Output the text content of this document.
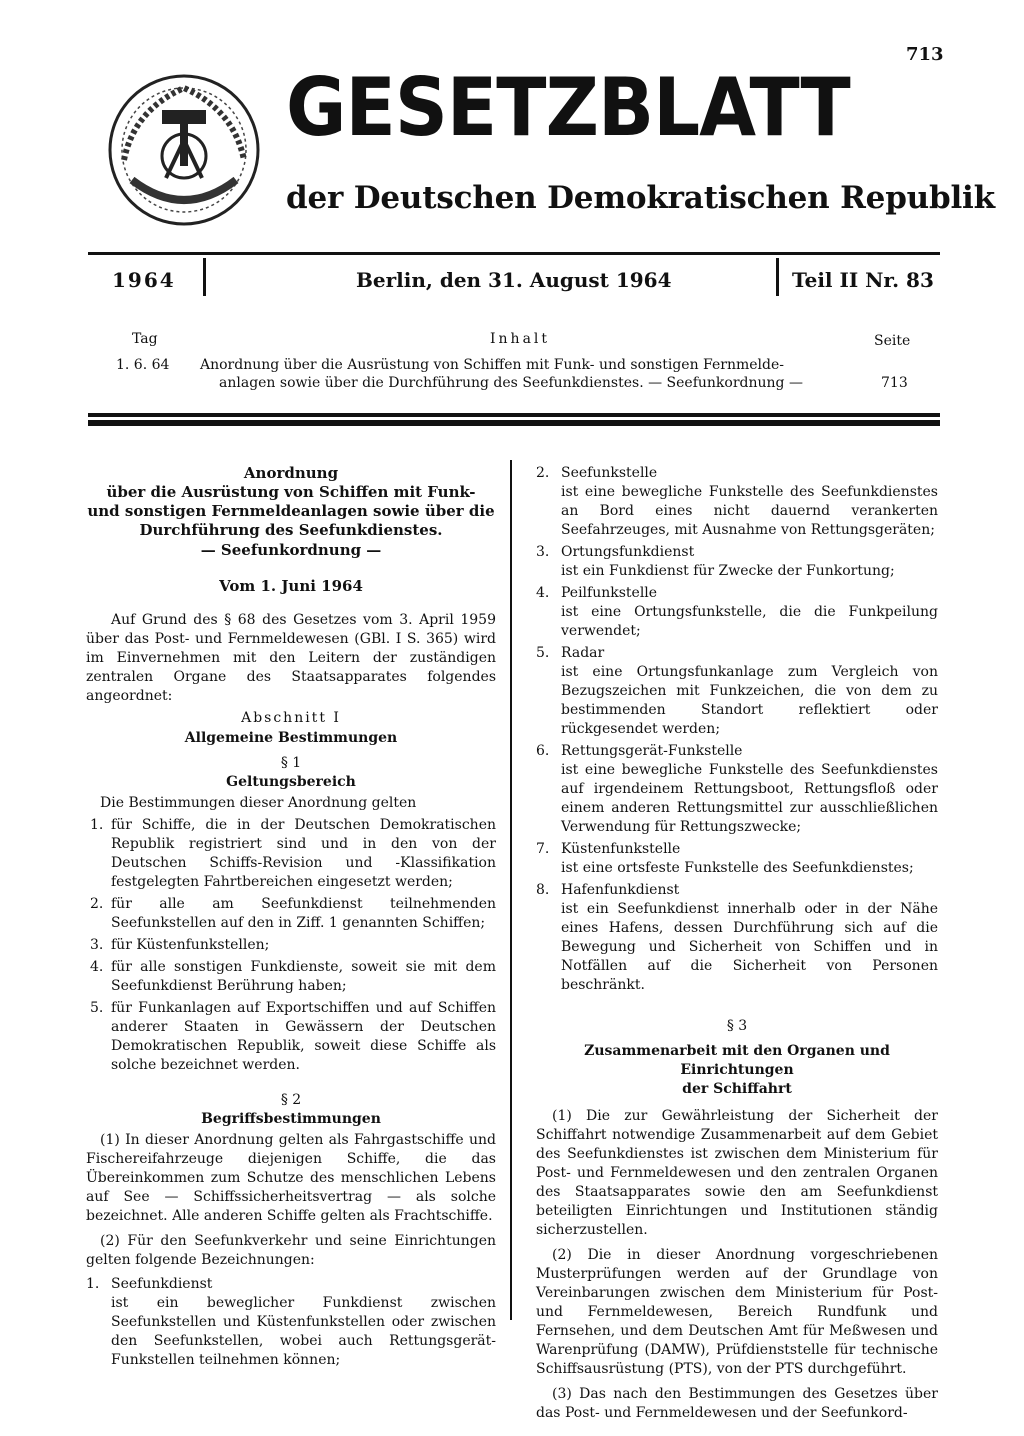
713
GESETZBLATT
der Deutschen Demokratischen Republik
1964	Berlin, den 31. August 1964	Teil II Nr. 83
Tag	Inhalt	Seite
1. 6. 64 Anordnung über die Ausrüstung von Schiffen mit Funk- und sonstigen Fernmelde-
anlagen sowie über die Durchführung des Seefunkdienstes. — Seefunkordnung —	713

Anordnung

über die Ausrüstung von Schiffen mit Funk-

und sonstigen Fernmeldeanlagen sowie über die

Durchführung des Seefunkdienstes.

— Seefunkordnung —

Vom 1. Juni 1964

Auf Grund des § 68 des Gesetzes vom 3. April 1959 über das Post- und Fernmeldewesen (GBl. I S. 365) wird im Einvernehmen mit den Leitern der zuständigen zentralen Organe des Staatsapparates folgendes angeordnet:

Abschnitt I

Allgemeine Bestimmungen

§ 1

Geltungsbereich

Die Bestimmungen dieser Anordnung gelten

1. für Schiffe, die in der Deutschen Demokratischen Republik registriert sind und in den von der Deutschen Schiffs-Revision und -Klassifikation festgelegten Fahrtbereichen eingesetzt werden;

2. für alle am Seefunkdienst teilnehmenden Seefunkstellen auf den in Ziff. 1 genannten Schiffen;

3. für Küstenfunkstellen;

4. für alle sonstigen Funkdienste, soweit sie mit dem Seefunkdienst Berührung haben;

5. für Funkanlagen auf Exportschiffen und auf Schiffen anderer Staaten in Gewässern der Deutschen Demokratischen Republik, soweit diese Schiffe als solche bezeichnet werden.

§ 2

Begriffsbestimmungen

(1) In dieser Anordnung gelten als Fahrgastschiffe und Fischereifahrzeuge diejenigen Schiffe, die das Übereinkommen zum Schutze des menschlichen Lebens auf See — Schiffssicherheitsvertrag — als solche bezeichnet. Alle anderen Schiffe gelten als Frachtschiffe.

(2) Für den Seefunkverkehr und seine Einrichtungen gelten folgende Bezeichnungen:

1. Seefunkdienst

ist ein beweglicher Funkdienst zwischen Seefunkstellen und Küstenfunkstellen oder zwischen den Seefunkstellen, wobei auch Rettungsgerät-Funkstellen teilnehmen können;

2. Seefunkstelle

ist eine bewegliche Funkstelle des Seefunkdienstes an Bord eines nicht dauernd verankerten Seefahrzeuges, mit Ausnahme von Rettungsgeräten;

3. Ortungsfunkdienst

ist ein Funkdienst für Zwecke der Funkortung;

4. Peilfunkstelle

ist eine Ortungsfunkstelle, die die Funkpeilung verwendet;

5. Radar

ist eine Ortungsfunkanlage zum Vergleich von Bezugszeichen mit Funkzeichen, die von dem zu bestimmenden Standort reflektiert oder rückgesendet werden;

6. Rettungsgerät-Funkstelle

ist eine bewegliche Funkstelle des Seefunkdienstes auf irgendeinem Rettungsboot, Rettungsfloß oder einem anderen Rettungsmittel zur ausschließlichen Verwendung für Rettungszwecke;

7. Küstenfunkstelle

ist eine ortsfeste Funkstelle des Seefunkdienstes;

8. Hafenfunkdienst

ist ein Seefunkdienst innerhalb oder in der Nähe eines Hafens, dessen Durchführung sich auf die Bewegung und Sicherheit von Schiffen und in Notfällen auf die Sicherheit von Personen beschränkt.

§ 3

Zusammenarbeit mit den Organen und Einrichtungen

der Schiffahrt

(1) Die zur Gewährleistung der Sicherheit der Schiffahrt notwendige Zusammenarbeit auf dem Gebiet des Seefunkdienstes ist zwischen dem Ministerium für Post- und Fernmeldewesen und den zentralen Organen des Staatsapparates sowie den am Seefunkdienst beteiligten Einrichtungen und Institutionen ständig sicherzustellen.

(2) Die in dieser Anordnung vorgeschriebenen Musterprüfungen werden auf der Grundlage von Vereinbarungen zwischen dem Ministerium für Post- und Fernmeldewesen, Bereich Rundfunk und Fernsehen, und dem Deutschen Amt für Meßwesen und Warenprüfung (DAMW), Prüfdienststelle für technische Schiffsausrüstung (PTS), von der PTS durchgeführt.

(3) Das nach den Bestimmungen des Gesetzes über das Post- und Fernmeldewesen und der Seefunkord-
